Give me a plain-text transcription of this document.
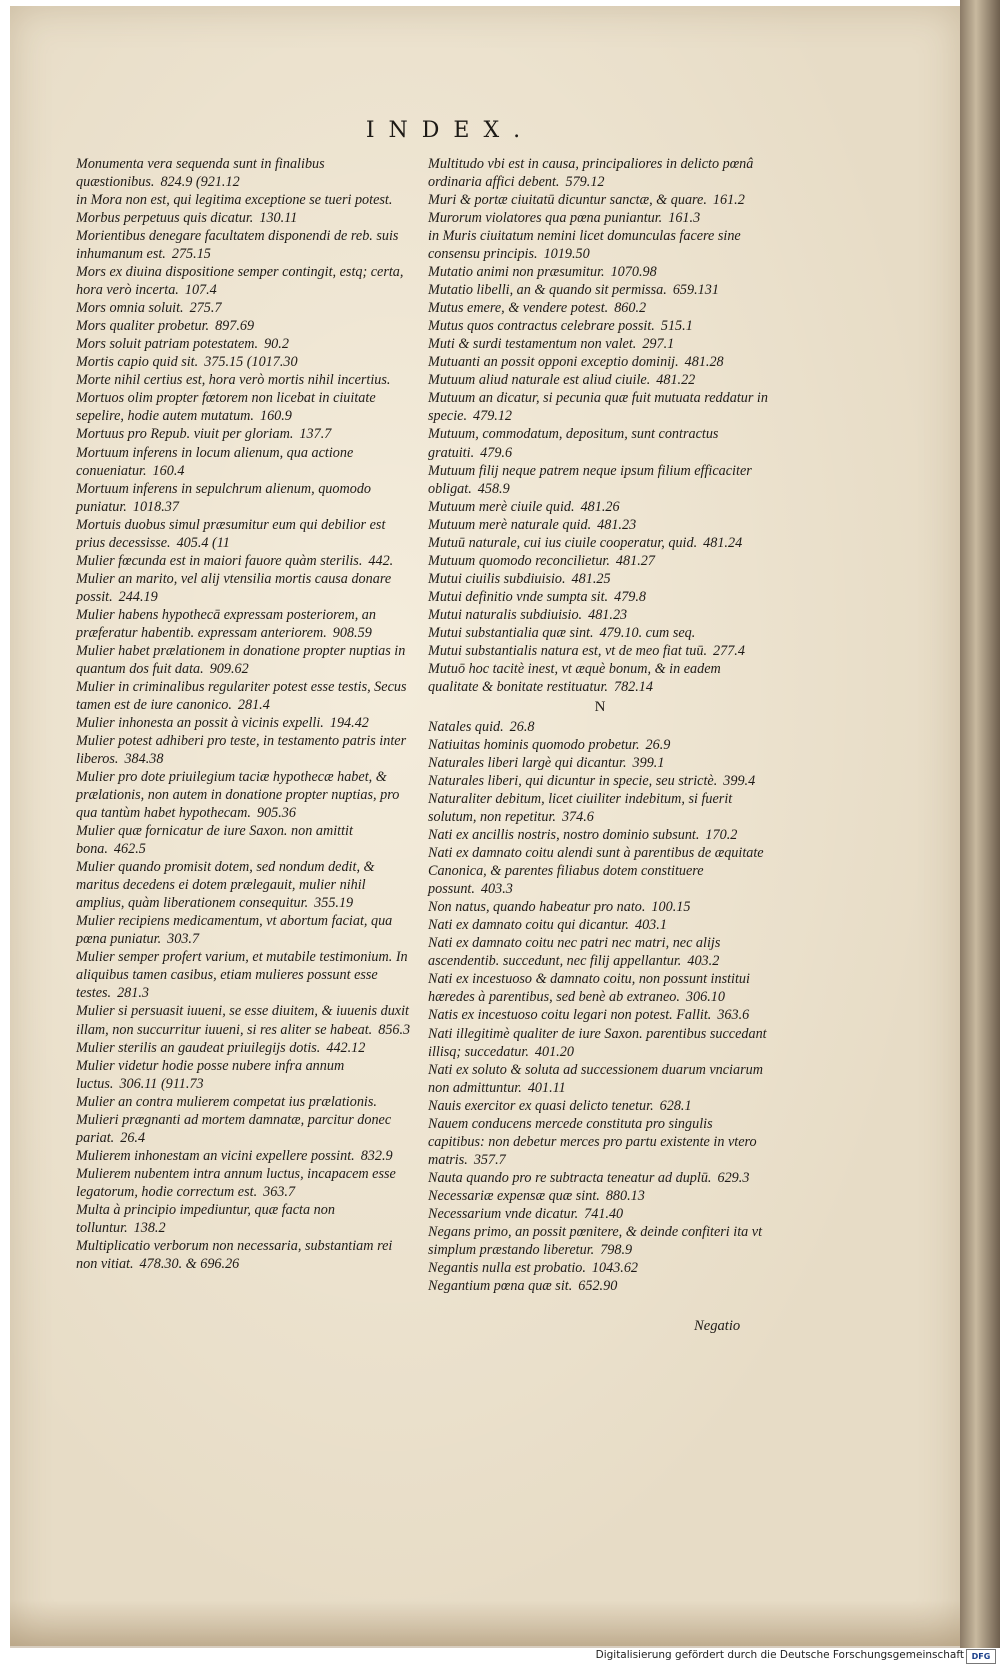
INDEX.

Monumenta vera sequenda sunt in finalibus quæstionibus. 824.9 (921.12

in Mora non est, qui legitima exceptione se tueri potest.

Morbus perpetuus quis dicatur. 130.11

Morientibus denegare facultatem disponendi de reb. suis inhumanum est. 275.15

Mors ex diuina dispositione semper contingit, estq; certa, hora verò incerta. 107.4

Mors omnia soluit. 275.7

Mors qualiter probetur. 897.69

Mors soluit patriam potestatem. 90.2

Mortis capio quid sit. 375.15 (1017.30

Morte nihil certius est, hora verò mortis nihil incertius.

Mortuos olim propter fœtorem non licebat in ciuitate sepelire, hodie autem mutatum. 160.9

Mortuus pro Repub. viuit per gloriam. 137.7

Mortuum inferens in locum alienum, qua actione conueniatur. 160.4

Mortuum inferens in sepulchrum alienum, quomodo puniatur. 1018.37

Mortuis duobus simul præsumitur eum qui debilior est prius decessisse. 405.4 (11

Mulier fœcunda est in maiori fauore quàm sterilis. 442.

Mulier an marito, vel alij vtensilia mortis causa donare possit. 244.19

Mulier habens hypothecā expressam posteriorem, an præferatur habentib. expressam anteriorem. 908.59

Mulier habet prælationem in donatione propter nuptias in quantum dos fuit data. 909.62

Mulier in criminalibus regulariter potest esse testis, Secus tamen est de iure canonico. 281.4

Mulier inhonesta an possit à vicinis expelli. 194.42

Mulier potest adhiberi pro teste, in testamento patris inter liberos. 384.38

Mulier pro dote priuilegium taciæ hypothecæ habet, & prælationis, non autem in donatione propter nuptias, pro qua tantùm habet hypothecam. 905.36

Mulier quæ fornicatur de iure Saxon. non amittit bona. 462.5

Mulier quando promisit dotem, sed nondum dedit, & maritus decedens ei dotem prælegauit, mulier nihil amplius, quàm liberationem consequitur. 355.19

Mulier recipiens medicamentum, vt abortum faciat, qua pœna puniatur. 303.7

Mulier semper profert varium, et mutabile testimonium. In aliquibus tamen casibus, etiam mulieres possunt esse testes. 281.3

Mulier si persuasit iuueni, se esse diuitem, & iuuenis duxit illam, non succurritur iuueni, si res aliter se habeat. 856.3

Mulier sterilis an gaudeat priuilegijs dotis. 442.12

Mulier videtur hodie posse nubere infra annum luctus. 306.11 (911.73

Mulier an contra mulierem competat ius prælationis.

Mulieri prægnanti ad mortem damnatæ, parcitur donec pariat. 26.4

Mulierem inhonestam an vicini expellere possint. 832.9

Mulierem nubentem intra annum luctus, incapacem esse legatorum, hodie correctum est. 363.7

Multa à principio impediuntur, quæ facta non tolluntur. 138.2

Multiplicatio verborum non necessaria, substantiam rei non vitiat. 478.30. & 696.26

Multitudo vbi est in causa, principaliores in delicto pœnâ ordinaria affici debent. 579.12

Muri & portæ ciuitatū dicuntur sanctæ, & quare. 161.2

Murorum violatores qua pœna puniantur. 161.3

in Muris ciuitatum nemini licet domunculas facere sine consensu principis. 1019.50

Mutatio animi non præsumitur. 1070.98

Mutatio libelli, an & quando sit permissa. 659.131

Mutus emere, & vendere potest. 860.2

Mutus quos contractus celebrare possit. 515.1

Muti & surdi testamentum non valet. 297.1

Mutuanti an possit opponi exceptio dominij. 481.28

Mutuum aliud naturale est aliud ciuile. 481.22

Mutuum an dicatur, si pecunia quæ fuit mutuata reddatur in specie. 479.12

Mutuum, commodatum, depositum, sunt contractus gratuiti. 479.6

Mutuum filij neque patrem neque ipsum filium efficaciter obligat. 458.9

Mutuum merè ciuile quid. 481.26

Mutuum merè naturale quid. 481.23

Mutuū naturale, cui ius ciuile cooperatur, quid. 481.24

Mutuum quomodo reconcilietur. 481.27

Mutui ciuilis subdiuisio. 481.25

Mutui definitio vnde sumpta sit. 479.8

Mutui naturalis subdiuisio. 481.23

Mutui substantialia quæ sint. 479.10. cum seq.

Mutui substantialis natura est, vt de meo fiat tuū. 277.4

Mutuō hoc tacitè inest, vt æquè bonum, & in eadem qualitate & bonitate restituatur. 782.14

N

Natales quid. 26.8

Natiuitas hominis quomodo probetur. 26.9

Naturales liberi largè qui dicantur. 399.1

Naturales liberi, qui dicuntur in specie, seu strictè. 399.4

Naturaliter debitum, licet ciuiliter indebitum, si fuerit solutum, non repetitur. 374.6

Nati ex ancillis nostris, nostro dominio subsunt. 170.2

Nati ex damnato coitu alendi sunt à parentibus de æquitate Canonica, & parentes filiabus dotem constituere possunt. 403.3

Non natus, quando habeatur pro nato. 100.15

Nati ex damnato coitu qui dicantur. 403.1

Nati ex damnato coitu nec patri nec matri, nec alijs ascendentib. succedunt, nec filij appellantur. 403.2

Nati ex incestuoso & damnato coitu, non possunt institui hæredes à parentibus, sed benè ab extraneo. 306.10

Natis ex incestuoso coitu legari non potest. Fallit. 363.6

Nati illegitimè qualiter de iure Saxon. parentibus succedant illisq; succedatur. 401.20

Nati ex soluto & soluta ad successionem duarum vnciarum non admittuntur. 401.11

Nauis exercitor ex quasi delicto tenetur. 628.1

Nauem conducens mercede constituta pro singulis capitibus: non debetur merces pro partu existente in vtero matris. 357.7

Nauta quando pro re subtracta teneatur ad duplū. 629.3

Necessariæ expensæ quæ sint. 880.13

Necessarium vnde dicatur. 741.40

Negans primo, an possit pœnitere, & deinde confiteri ita vt simplum præstando liberetur. 798.9

Negantis nulla est probatio. 1043.62

Negantium pœna quæ sit. 652.90

Negatio
Digitalisierung gefördert durch die Deutsche Forschungsgemeinschaft DFG
